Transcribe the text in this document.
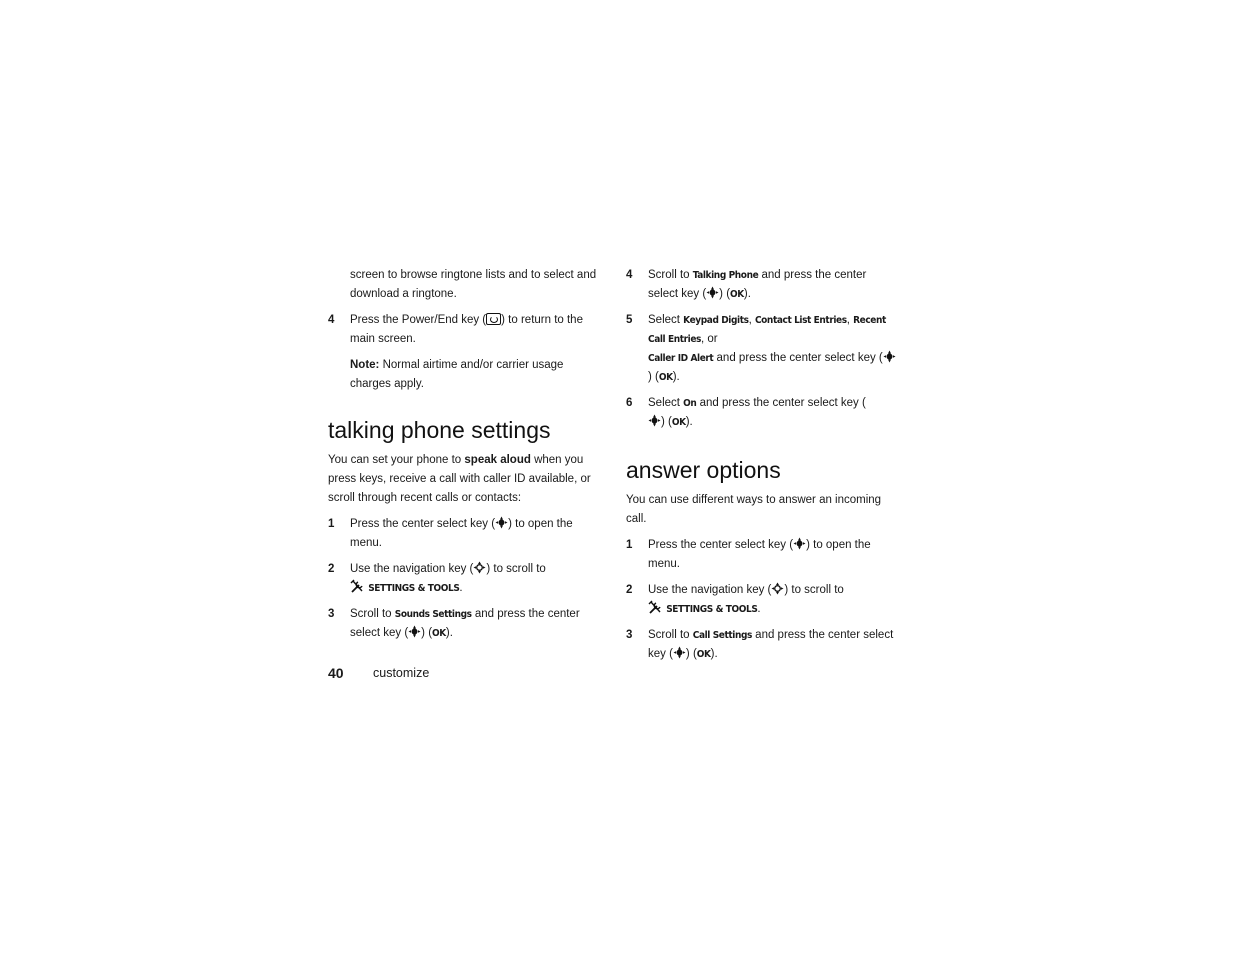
screen to browse ringtone lists and to select and download a ringtone.

4 Press the Power/End key ( ) to return to the main screen.

Note: Normal airtime and/or carrier usage charges apply.

talking phone settings

You can set your phone to speak aloud when you press keys, receive a call with caller ID available, or scroll through recent calls or contacts:

1 Press the center select key ( ) to open the menu.
2 Use the navigation key ( ) to scroll to
SETTINGS & TOOLS.
3 Scroll to Sounds Settings and press the center select key ( ) (OK).
4 Scroll to Talking Phone and press the center select key ( ) (OK).
5 Select Keypad Digits, Contact List Entries, Recent Call Entries, or
Caller ID Alert and press the center select key () (OK).
6 Select On and press the center select key (
) (OK).
answer options

You can use different ways to answer an incoming call.

1 Press the center select key ( ) to open the menu.
2 Use the navigation key ( ) to scroll to
SETTINGS & TOOLS.
3 Scroll to Call Settings and press the center select key ( ) (OK).
40 customize
